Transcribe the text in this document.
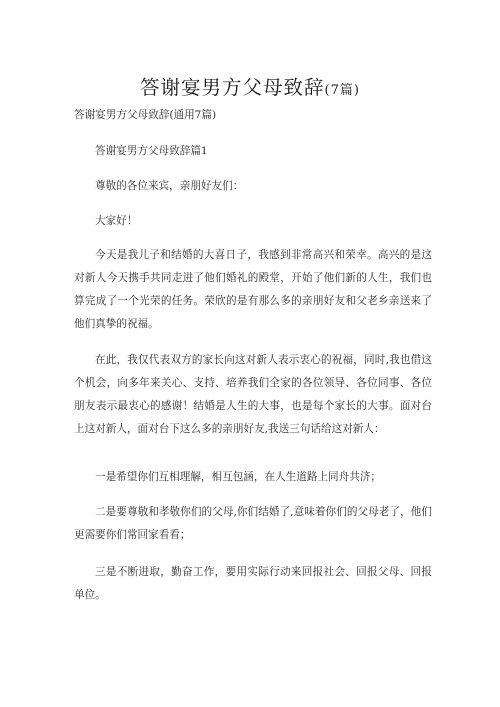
答谢宴男方父母致辞(7篇)

答谢宴男方父母致辞(通用7篇)

答谢宴男方父母致辞篇1

尊敬的各位来宾，亲朋好友们：

大家好！

今天是我儿子和结婚的大喜日子，我感到非常高兴和荣幸。高兴的是这对新人今天携手共同走进了他们婚礼的殿堂，开始了他们新的人生，我们也算完成了一个光荣的任务。荣欣的是有那么多的亲朋好友和父老乡亲送来了他们真挚的祝福。

在此，我仅代表双方的家长向这对新人表示衷心的祝福，同时,我也借这个机会，向多年来关心、支持、培养我们全家的各位领导、各位同事、各位朋友表示最衷心的感谢！结婚是人生的大事，也是每个家长的大事。面对台上这对新人，面对台下这么多的亲朋好友,我送三句话给这对新人：

一是希望你们互相理解，相互包涵，在人生道路上同舟共济；

二是要尊敬和孝敬你们的父母,你们结婚了,意味着你们的父母老了，他们更需要你们常回家看看；

三是不断进取，勤奋工作，要用实际行动来回报社会、回报父母、回报单位。
